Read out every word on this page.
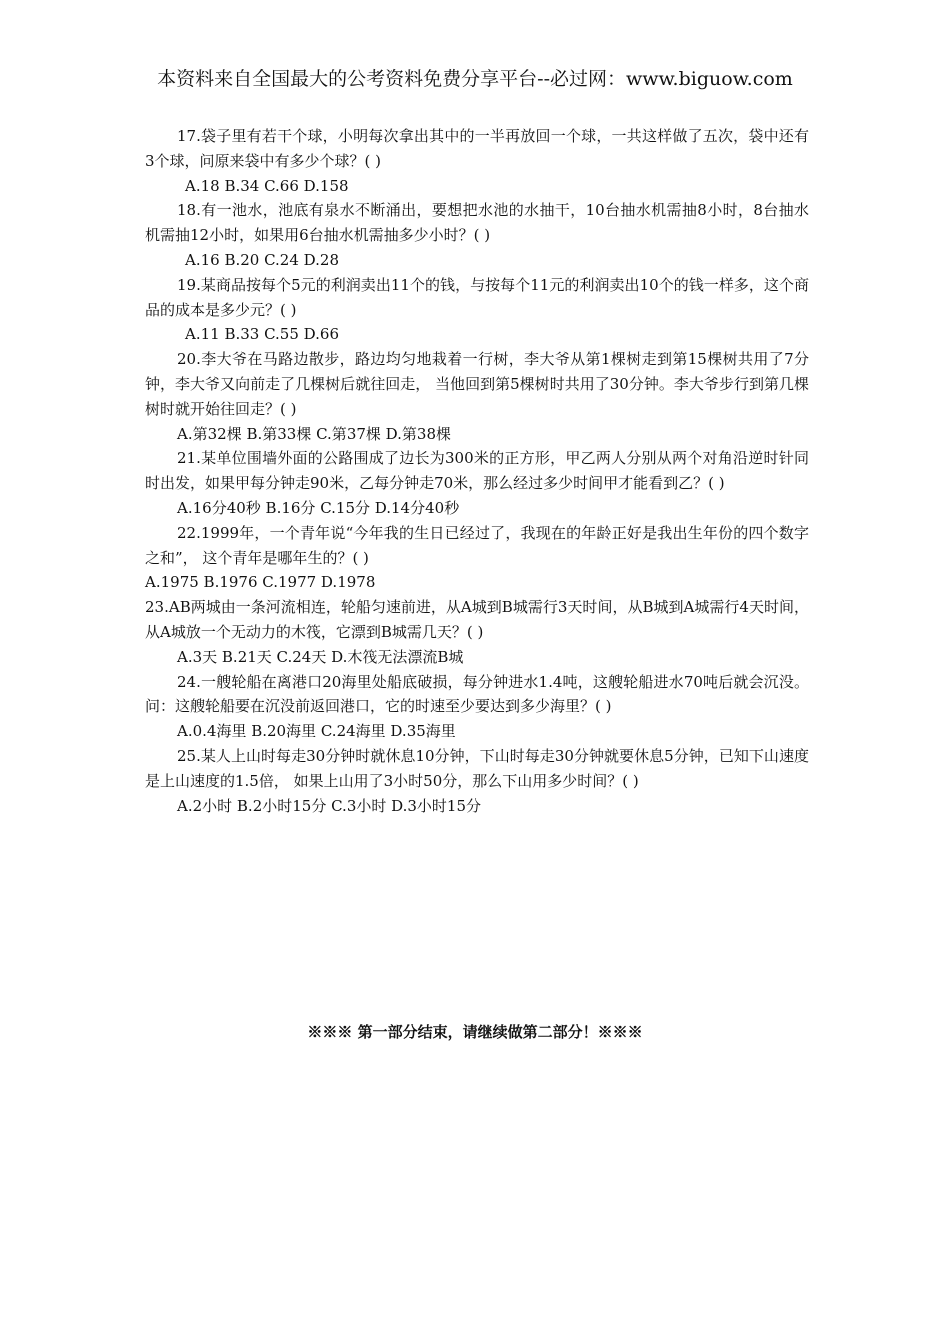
本资料来自全国最大的公考资料免费分享平台--必过网：www.biguow.com

17.袋子里有若干个球，小明每次拿出其中的一半再放回一个球，一共这样做了五次，袋中还有3个球，问原来袋中有多少个球？( )

A.18 B.34 C.66 D.158

18.有一池水，池底有泉水不断涌出，要想把水池的水抽干，10台抽水机需抽8小时，8台抽水机需抽12小时，如果用6台抽水机需抽多少小时？( )

A.16 B.20 C.24 D.28

19.某商品按每个5元的利润卖出11个的钱，与按每个11元的利润卖出10个的钱一样多，这个商品的成本是多少元？( )

A.11 B.33 C.55 D.66

20.李大爷在马路边散步，路边均匀地栽着一行树，李大爷从第1棵树走到第15棵树共用了7分钟，李大爷又向前走了几棵树后就往回走， 当他回到第5棵树时共用了30分钟。李大爷步行到第几棵树时就开始往回走？( )

A.第32棵 B.第33棵 C.第37棵 D.第38棵

21.某单位围墙外面的公路围成了边长为300米的正方形，甲乙两人分别从两个对角沿逆时针同时出发，如果甲每分钟走90米，乙每分钟走70米，那么经过多少时间甲才能看到乙？( )

A.16分40秒 B.16分 C.15分 D.14分40秒

22.1999年，一个青年说“今年我的生日已经过了，我现在的年龄正好是我出生年份的四个数字之和”， 这个青年是哪年生的？( )

A.1975 B.1976 C.1977 D.1978

23.AB两城由一条河流相连，轮船匀速前进，从A城到B城需行3天时间，从B城到A城需行4天时间， 从A城放一个无动力的木筏，它漂到B城需几天？( )

A.3天 B.21天 C.24天 D.木筏无法漂流B城

24.一艘轮船在离港口20海里处船底破损，每分钟进水1.4吨，这艘轮船进水70吨后就会沉没。问：这艘轮船要在沉没前返回港口，它的时速至少要达到多少海里？( )

A.0.4海里 B.20海里 C.24海里 D.35海里

25.某人上山时每走30分钟时就休息10分钟，下山时每走30分钟就要休息5分钟，已知下山速度是上山速度的1.5倍， 如果上山用了3小时50分，那么下山用多少时间？( )

A.2小时 B.2小时15分 C.3小时 D.3小时15分

※※※ 第一部分结束，请继续做第二部分！※※※
